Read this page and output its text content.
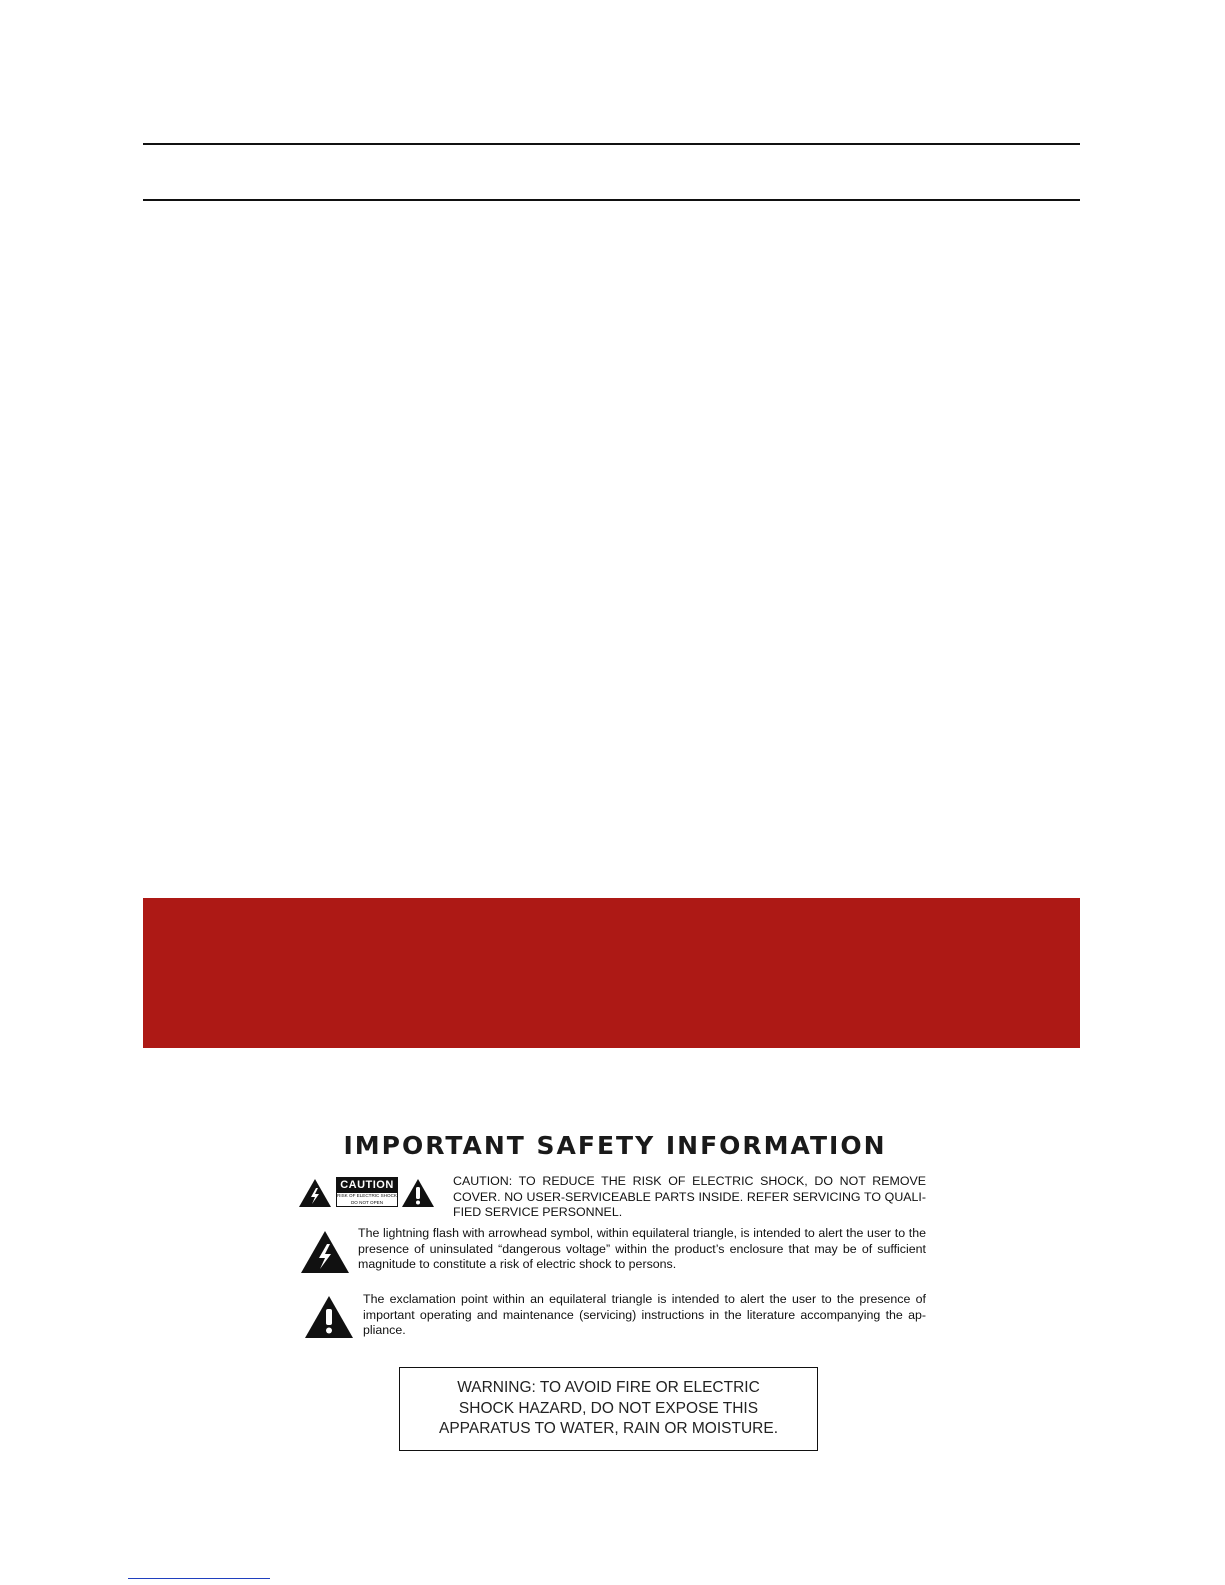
IMPORTANT SAFETY INFORMATION
CAUTION
RISK OF ELECTRIC SHOCK DO NOT OPEN
CAUTION: TO REDUCE THE RISK OF ELECTRIC SHOCK, DO NOT REMOVE COVER. NO USER-SERVICEABLE PARTS INSIDE. REFER SERVICING TO QUALI-FIED SERVICE PERSONNEL.
The lightning flash with arrowhead symbol, within equilateral triangle, is intended to alert the user to the presence of uninsulated “dangerous voltage” within the product’s enclosure that may be of sufficient magnitude to constitute a risk of electric shock to persons.
The exclamation point within an equilateral triangle is intended to alert the user to the presence of important operating and maintenance (servicing) instructions in the literature accompanying the ap-pliance.
WARNING: TO AVOID FIRE OR ELECTRIC
SHOCK HAZARD, DO NOT EXPOSE THIS
APPARATUS TO WATER, RAIN OR MOISTURE.
